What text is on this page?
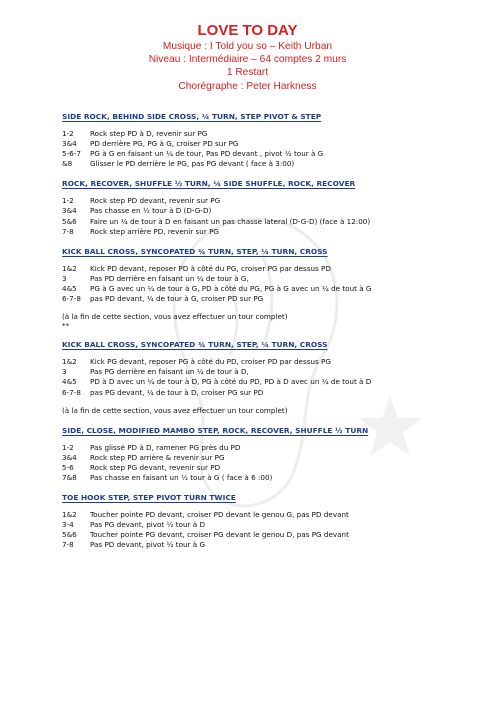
LOVE TO DAY
Musique : I Told you so – Keith Urban
Niveau : Intermédiaire – 64 comptes 2 murs
1 Restart
Chorégraphe : Peter Harkness
SIDE ROCK, BEHIND SIDE CROSS, ¼ TURN, STEP PIVOT & STEP
1-2	Rock step PD à D, revenir sur PG
3&4	PD derrière PG, PG à G, croiser PD sur PG
5-6-7	PG à G en faisant un ¼ de tour, Pas PD devant , pivot ½ tour à G
&8	Glisser le PD derrière le PG, pas PG devant ( face à 3:00)
ROCK, RECOVER, SHUFFLE ½ TURN, ¼ SIDE SHUFFLE, ROCK, RECOVER
1-2	Rock step PD devant, revenir sur PG
3&4	Pas chasse en ½ tour à D (D-G-D)
5&6	Faire un ¼ de tour à D en faisant un pas chasse lateral (D-G-D) (face à 12:00)
7-8	Rock step arrière PD, revenir sur PG
KICK BALL CROSS, SYNCOPATED ¾ TURN, STEP, ¼ TURN, CROSS
1&2	Kick PD devant, reposer PD à côté du PG, croiser PG par dessus PD
3	Pas PD derrière en faisant un ¼ de tour à G,
4&5	PG à G avec un ¼ de tour à G, PD à côté du PG, PG à G avec un ¼ de tout à G
6-7-8	pas PD devant, ¼ de tour à G, croiser PD sur PG
(à la fin de cette section, vous avez effectuer un tour complet)
**
KICK BALL CROSS, SYNCOPATED ¾ TURN, STEP, ¼ TURN, CROSS
1&2	Kick PG devant, reposer PG à côté du PD, croiser PD par dessus PG
3	Pas PG derrière en faisant un ¼ de tour à D,
4&5	PD à D avec un ¼ de tour à D, PG à côté du PD, PD à D avec un ¼ de tout à D
6-7-8	pas PG devant, ¼ de tour à D, croiser PG sur PD
(à la fin de cette section, vous avez effectuer un tour complet)
SIDE, CLOSE, MODIFIED MAMBO STEP, ROCK, RECOVER, SHUFFLE ½ TURN
1-2	Pas glissé PD à D, ramener PG près du PD
3&4	Rock step PD arrière & revenir sur PG
5-6	Rock step PG devant, revenir sur PD
7&8	Pas chasse en faisant un ½ tour à G ( face à 6 :00)
TOE HOOK STEP, STEP PIVOT TURN TWICE
1&2	Toucher pointe PD devant, croiser PD devant le genou G, pas PD devant
3-4	Pas PG devant, pivot ½ tour à D
5&6	Toucher pointe PG devant, croiser PG devant le genou D, pas PG devant
7-8	Pas PD devant, pivot ½ tour à G
